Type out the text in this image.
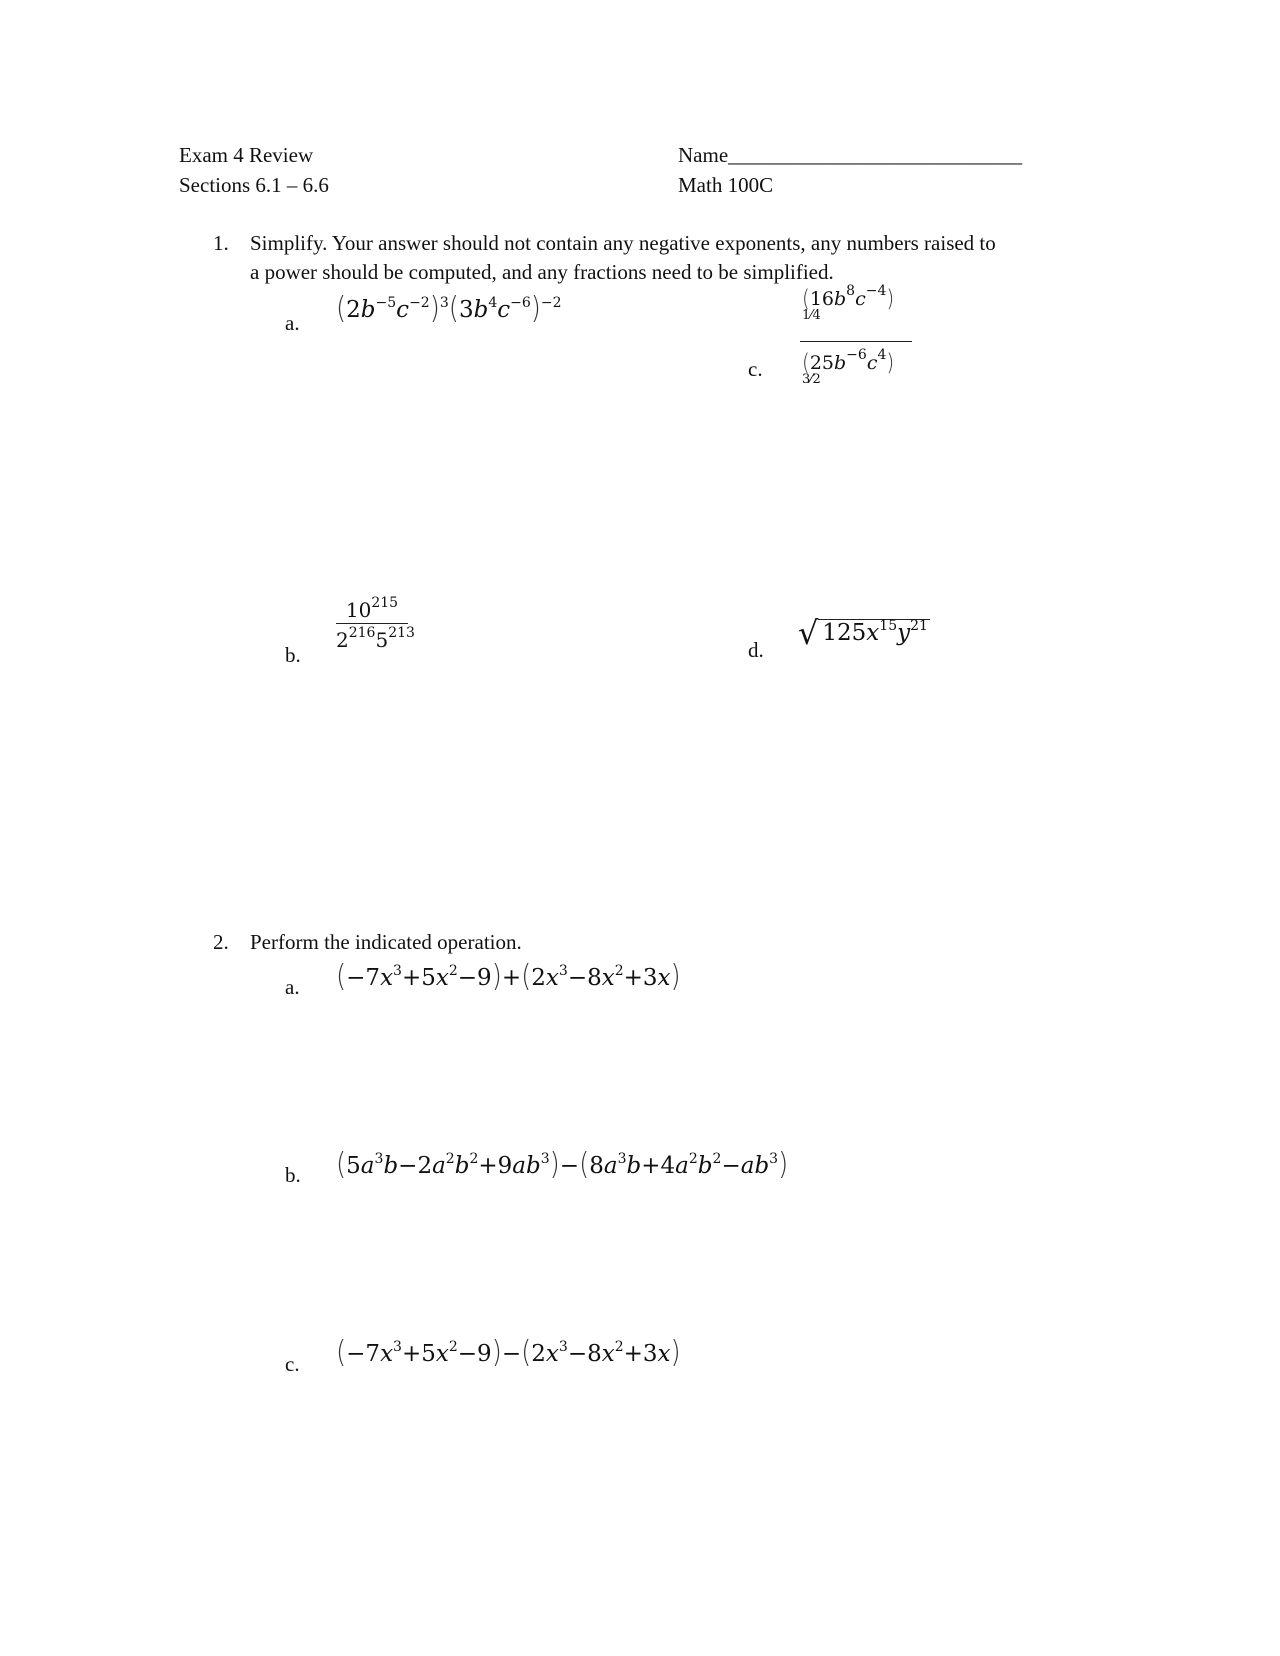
Exam 4 Review
Sections 6.1 – 6.6
Name____________________________
Math 100C
1. Simplify. Your answer should not contain any negative exponents, any numbers raised to
a power should be computed, and any fractions need to be simplified.
a. $(2b^{-5}c^{-2})^3(3b^4c^{-6})^{-2}$
b.
$\frac{10^{215}}{2^{216}5^{213}}$
c. $\frac{(16b^8c^{-4})1⁄4}{(25b^{-6}c^4)3⁄2}$
d. √ $125x^{15}y^{21}$
2. Perform the indicated operation.
a. $(-7x^3+5x^2-9)+(2x^3-8x^2+3x)$
b. $(5a^3b-2a^2b^2+9ab^3)-(8a^3b+4a^2b^2-ab^3)$
c. $(-7x^3+5x^2-9)-(2x^3-8x^2+3x)$
